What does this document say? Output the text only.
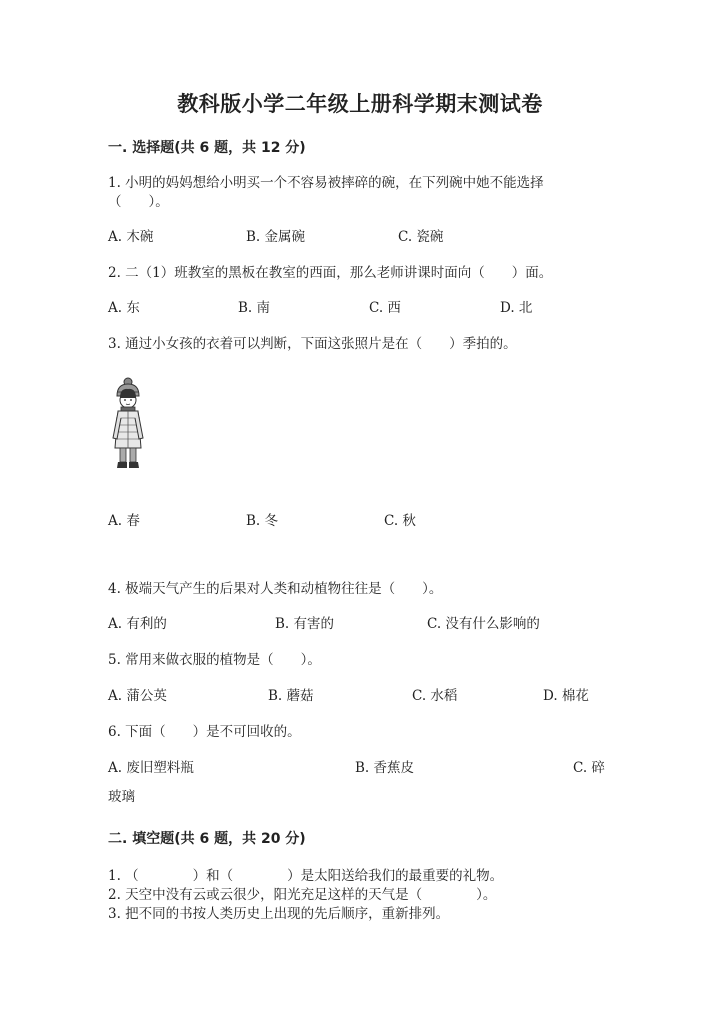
教科版小学二年级上册科学期末测试卷
一. 选择题(共 6 题，共 12 分)
1. 小明的妈妈想给小明买一个不容易被摔碎的碗，在下列碗中她不能选择
（　　）。
A. 木碗	B. 金属碗	C. 瓷碗
2. 二（1）班教室的黑板在教室的西面，那么老师讲课时面向（　　）面。
A. 东	B. 南	C. 西	D. 北
3. 通过小女孩的衣着可以判断，下面这张照片是在（　　）季拍的。
A. 春	B. 冬	C. 秋
4. 极端天气产生的后果对人类和动植物往往是（　　）。
A. 有利的	B. 有害的	C. 没有什么影响的
5. 常用来做衣服的植物是（　　）。
A. 蒲公英	B. 蘑菇	C. 水稻	D. 棉花
6. 下面（　　）是不可回收的。
A. 废旧塑料瓶	B. 香蕉皮	C. 碎
玻璃
二. 填空题(共 6 题，共 20 分)
1. （　　　　）和（　　　　）是太阳送给我们的最重要的礼物。
2. 天空中没有云或云很少，阳光充足这样的天气是（　　　　）。
3. 把不同的书按人类历史上出现的先后顺序，重新排列。
